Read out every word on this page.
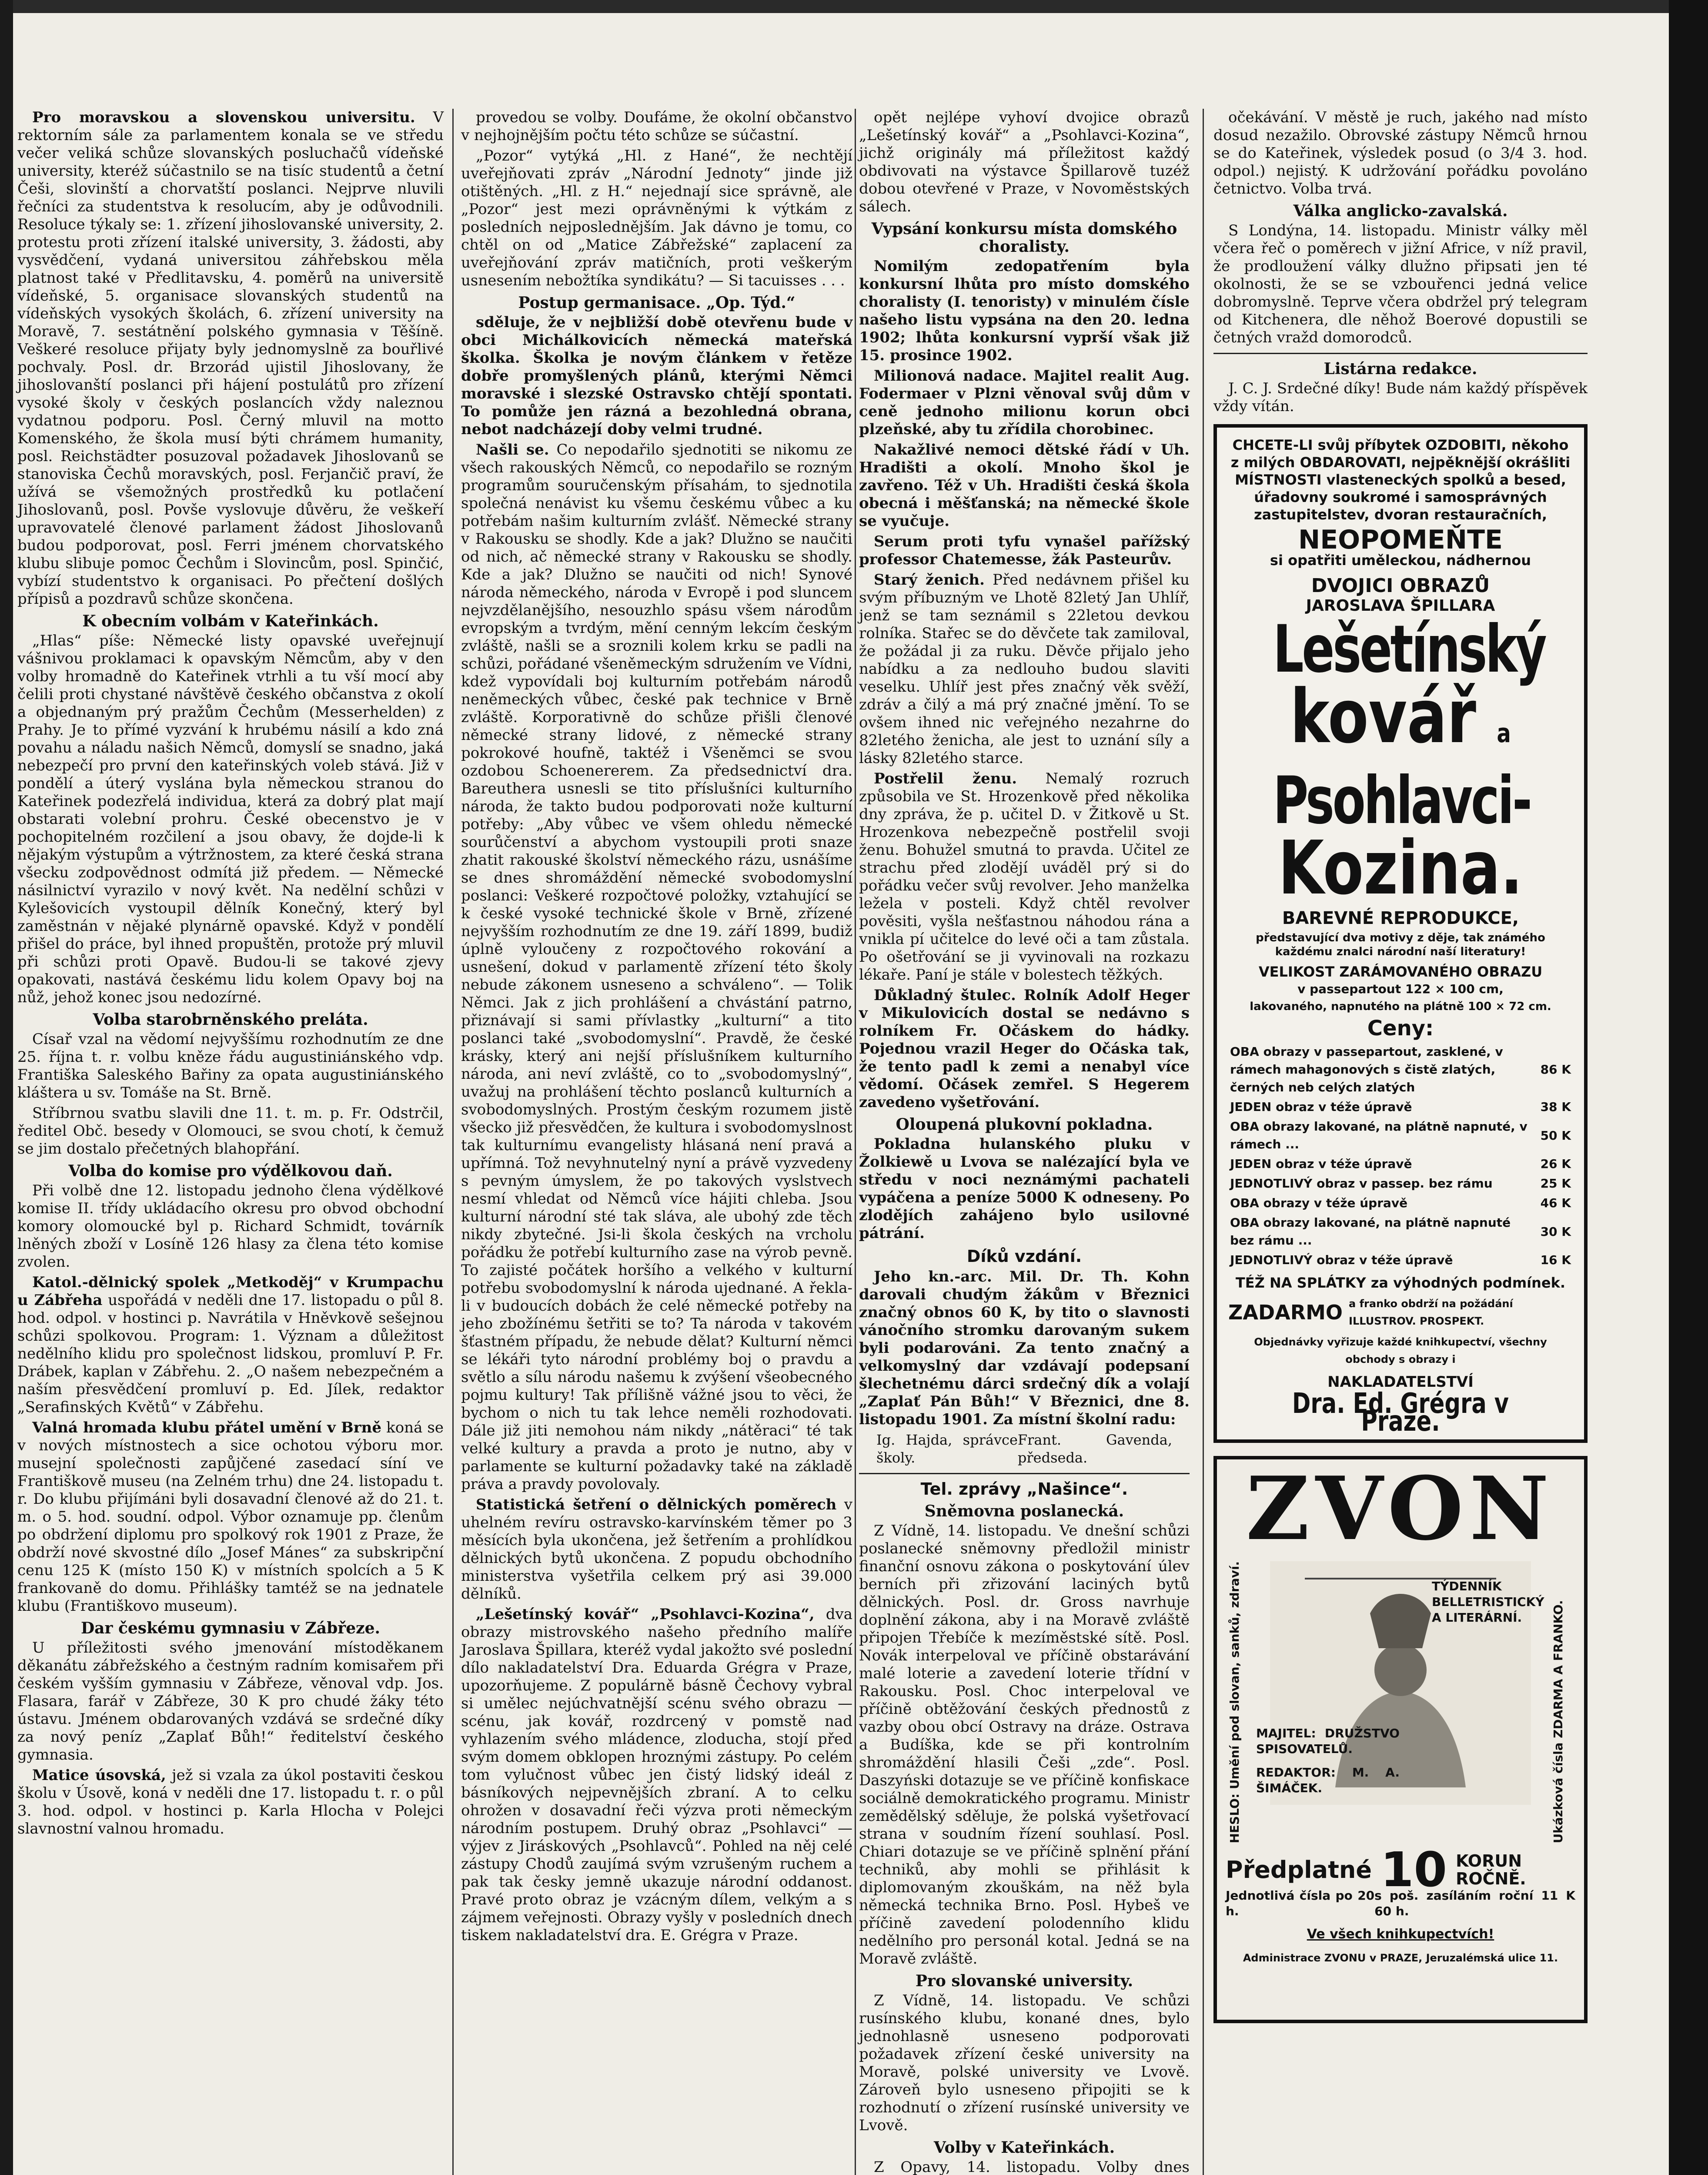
Pro moravskou a slovenskou universitu. V rektorním sále za parlamentem konala se ve středu večer veliká schůze slovanských posluchačů vídeňské university, kteréž súčastnilo se na tisíc studentů a četní Češi, slovinští a chorvatští poslanci. Nejprve nluvili řečníci za studentstva k resolucím, aby je odůvodnili. Resoluce týkaly se: 1. zřízení jihoslovanské university, 2. protestu proti zřízení italské university, 3. žádosti, aby vysvědčení, vydaná universitou záhřebskou měla platnost také v Předlitavsku, 4. poměrů na universitě vídeňské, 5. organisace slovanských studentů na vídeňských vysokých školách, 6. zřízení university na Moravě, 7. sestátnění polského gymnasia v Těšíně. Veškeré resoluce přijaty byly jednomyslně za bouřlivé pochvaly. Posl. dr. Brzorád ujistil Jihoslovany, že jihoslovanští poslanci při hájení postulátů pro zřízení vysoké školy v českých poslancích vždy naleznou vydatnou podporu. Posl. Černý mluvil na motto Komenského, že škola musí býti chrámem humanity, posl. Reichstädter posuzoval požadavek Jihoslovanů se stanoviska Čechů moravských, posl. Ferjančič praví, že užívá se všemožných prostředků ku potlačení Jihoslovanů, posl. Povše vyslovuje důvěru, že veškeří upravovatelé členové parlament žádost Jihoslovanů budou podporovat, posl. Ferri jménem chorvatského klubu slibuje pomoc Čechům i Slovincům, posl. Spinčić, vybízí studentstvo k organisaci. Po přečtení došlých přípisů a pozdravů schůze skončena.

K obecním volbám v Kateřinkách.

„Hlas“ píše: Německé listy opavské uveřejnují vášnivou proklamaci k opavským Němcům, aby v den volby hromadně do Kateřinek vtrhli a tu vší mocí aby čelili proti chystané návštěvě českého občanstva z okolí a objednaným prý pražům Čechům (Messerhelden) z Prahy. Je to přímé vyzvání k hrubému násilí a kdo zná povahu a náladu našich Němců, domyslí se snadno, jaká nebezpečí pro první den kateřinských voleb stává. Již v pondělí a úterý vyslána byla německou stranou do Kateřinek podezřelá individua, která za dobrý plat mají obstarati volební prohru. České obecenstvo je v pochopitelném rozčilení a jsou obavy, že dojde-li k nějakým výstupům a výtržnostem, za které česká strana všecku zodpovědnost odmítá již předem. — Německé násilnictví vyrazilo v nový květ. Na nedělní schůzi v Kylešovicích vystoupil dělník Konečný, který byl zaměstnán v nějaké plynárně opavské. Když v pondělí přišel do práce, byl ihned propuštěn, protože prý mluvil při schůzi proti Opavě. Budou-li se takové zjevy opakovati, nastává českému lidu kolem Opavy boj na nůž, jehož konec jsou nedozírné.

Volba starobrněnského preláta.

Císař vzal na vědomí nejvyššímu rozhodnutím ze dne 25. října t. r. volbu kněze řádu augustiniánského vdp. Františka Saleského Bařiny za opata augustiniánského kláštera u sv. Tomáše na St. Brně.

Stříbrnou svatbu slavili dne 11. t. m. p. Fr. Odstrčil, ředitel Obč. besedy v Olomouci, se svou chotí, k čemuž se jim dostalo přečetných blahopřání.

Volba do komise pro výdělkovou daň.

Při volbě dne 12. listopadu jednoho člena výdělkové komise II. třídy ukládacího okresu pro obvod obchodní komory olomoucké byl p. Richard Schmidt, továrník lněných zboží v Losíně 126 hlasy za člena této komise zvolen.

Katol.-dělnický spolek „Metkoděj“ v Krumpachu u Zábřeha uspořádá v neděli dne 17. listopadu o půl 8. hod. odpol. v hostinci p. Navrátila v Hněvkově sešejnou schůzi spolkovou. Program: 1. Význam a důležitost nedělního klidu pro společnost lidskou, promluví P. Fr. Drábek, kaplan v Zábřehu. 2. „O našem nebezpečném a naším přesvědčení promluví p. Ed. Jílek, redaktor „Serafinských Květů“ v Zábřehu.

Valná hromada klubu přátel umění v Brně koná se v nových místnostech a sice ochotou výboru mor. musejní společnosti zapůjčené zasedací síní ve Františkově museu (na Zelném trhu) dne 24. listopadu t. r. Do klubu přijímáni byli dosavadní členové až do 21. t. m. o 5. hod. soudní. odpol. Výbor oznamuje pp. členům po obdržení diplomu pro spolkový rok 1901 z Praze, že obdrží nové skvostné dílo „Josef Mánes“ za subskripční cenu 125 K (místo 150 K) v místních spolcích a 5 K frankovaně do domu. Přihlášky tamtéž se na jednatele klubu (Františkovo museum).

Dar českému gymnasiu v Zábřeze.

U příležitosti svého jmenování místoděkanem děkanátu zábřežského a čestným radním komisařem při českém vyšším gymnasiu v Zábřeze, věnoval vdp. Jos. Flasara, farář v Zábřeze, 30 K pro chudé žáky této ústavu. Jménem obdarovaných vzdává se srdečné díky za nový peníz „Zaplať Bůh!“ ředitelství českého gymnasia.

Matice úsovská, jež si vzala za úkol postaviti českou školu v Úsově, koná v neděli dne 17. listopadu t. r. o půl 3. hod. odpol. v hostinci p. Karla Hlocha v Polejci slavnostní valnou hromadu.

provedou se volby. Doufáme, že okolní občanstvo v nejhojnějším počtu této schůze se súčastní.

„Pozor“ vytýká „Hl. z Hané“, že nechtějí uveřejňovati zpráv „Národní Jednoty“ jinde již otištěných. „Hl. z H.“ nejednají sice správně, ale „Pozor“ jest mezi oprávněnými k výtkám z posledních nejposlednějším. Jak dávno je tomu, co chtěl on od „Matice Zábřežské“ zaplacení za uveřejňování zpráv matičních, proti veškerým usnesením nebožtíka syndikátu? — Si tacuisses . . .

Postup germanisace. „Op. Týd.“

sděluje, že v nejbližší době otevřenu bude v obci Michálkovicích německá mateřská školka. Školka je novým článkem v řetěze dobře promyšlených plánů, kterými Němci moravské i slezské Ostravsko chtějí spontati. To pomůže jen rázná a bezohledná obrana, nebot nadcházejí doby velmi trudné.

Našli se. Co nepodařilo sjednotiti se nikomu ze všech rakouských Němců, co nepodařilo se rozným programům souručenským přísahám, to sjednotila společná nenávist ku všemu českému vůbec a ku potřebám našim kulturním zvlášť. Německé strany v Rakousku se shodly. Kde a jak? Dlužno se naučiti od nich, ač německé strany v Rakousku se shodly. Kde a jak? Dlužno se naučiti od nich! Synové národa německého, národa v Evropě i pod sluncem nejvzdělanějšího, nesouzhlo spásu všem národům evropským a tvrdým, mění cenným lekcím českým zvláště, našli se a sroznili kolem krku se padli na schůzi, pořádané všeněmeckým sdružením ve Vídni, kdež vypovídali boj kulturním potřebám národů neněmeckých vůbec, české pak technice v Brně zvláště. Korporativně do schůze přišli členové německé strany lidové, z německé strany pokrokové houfně, taktéž i Všeněmci se svou ozdobou Schoenererem. Za předsednictví dra. Bareuthera usnesli se tito příslušníci kulturního národa, že takto budou podporovati nože kulturní potřeby: „Aby vůbec ve všem ohledu německé sourůčenství a abychom vystoupili proti snaze zhatit rakouské školství německého rázu, usnášíme se dnes shromáždění německé svobodomyslní poslanci: Veškeré rozpočtové položky, vztahující se k české vysoké technické škole v Brně, zřízené nejvyšším rozhodnutím ze dne 19. září 1899, budiž úplně vyloučeny z rozpočtového rokování a usnešení, dokud v parlamentě zřízení této školy nebude zákonem usneseno a schváleno“. — Tolik Němci. Jak z jich prohlášení a chvástání patrno, přiznávají si sami přívlastky „kulturní“ a tito poslanci také „svobodomyslní“. Pravdě, že české krásky, který ani nejší příslušníkem kulturního národa, ani neví zvláště, co to „svobodomyslný“, uvažuj na prohlášení těchto poslanců kulturních a svobodomyslných. Prostým českým rozumem jistě všecko již přesvědčen, že kultura i svobodomyslnost tak kulturnímu evangelisty hlásaná není pravá a upřímná. Tož nevyhnutelný nyní a právě vyzvedeny s pevným úmyslem, že po takových vyslstvech nesmí vhledat od Němců více hájiti chleba. Jsou kulturní národní sté tak sláva, ale ubohý zde těch nikdy zbytečné. Jsi-li škola českých na vrcholu pořádku že potřebí kulturního zase na výrob pevně. To zajisté počátek horšího a velkého v kulturní potřebu svobodomyslní k národa ujednané. A řekla-li v budoucích dobách že celé německé potřeby na jeho zbožínému šetřiti se to? Ta národa v takovém šťastném případu, že nebude dělat? Kulturní němci se lékáři tyto národní problémy boj o pravdu a světlo a sílu národu našemu k zvýšení všeobecného pojmu kultury! Tak přílišně vážné jsou to věci, že bychom o nich tu tak lehce neměli rozhodovati. Dále již jiti nemohou nám nikdy „nátěraci“ té tak velké kultury a pravda a proto je nutno, aby v parlamente se kulturní požadavky také na základě práva a pravdy povolovaly.

Statistická šetření o dělnických poměrech v uhelném revíru ostravsko-karvínském těmer po 3 měsících byla ukončena, jež šetřením a prohlídkou dělnických bytů ukončena. Z popudu obchodního ministerstva vyšetřila celkem prý asi 39.000 dělníků.

„Lešetínský kovář“ „Psohlavci-Kozina“, dva obrazy mistrovského našeho předního malíře Jaroslava Špillara, kteréž vydal jakožto své poslední dílo nakladatelství Dra. Eduarda Grégra v Praze, upozorňujeme. Z populárně básně Čechovy vybral si umělec nejúchvatnější scénu svého obrazu — scénu, jak kovář, rozdrcený v pomstě nad vyhlazením svého mládence, zloducha, stojí před svým domem obklopen hroznými zástupy. Po celém tom vylučnost vůbec jen čistý lidský ideál z básníkových nejpevnějších zbraní. A to celku ohrožen v dosavadní řeči výzva proti německým národním postupem. Druhý obraz „Psohlavci“ — výjev z Jiráskových „Psohlavců“. Pohled na něj celé zástupy Chodů zaujímá svým vzrušeným ruchem a pak tak česky jemně ukazuje národní oddanost. Pravé proto obraz je vzácným dílem, velkým a s zájmem veřejnosti. Obrazy vyšly v posledních dnech tiskem nakladatelství dra. E. Grégra v Praze.

opět nejlépe vyhoví dvojice obrazů „Lešetínský kovář“ a „Psohlavci-Kozina“, jichž originály má příležitost každý obdivovati na výstavce Špillarově tuzéž dobou otevřené v Praze, v Novoměstských sálech.

Vypsání konkursu místa domského choralisty.

Nomilým zedopatřením byla konkursní lhůta pro místo domského choralisty (I. tenoristy) v minulém čísle našeho listu vypsána na den 20. ledna 1902; lhůta konkursní vyprší však již 15. prosince 1902.

Milionová nadace. Majitel realit Aug. Fodermaer v Plzni věnoval svůj dům v ceně jednoho milionu korun obci plzeňské, aby tu zřídila chorobinec.

Nakažlivé nemoci dětské řádí v Uh. Hradišti a okolí. Mnoho škol je zavřeno. Též v Uh. Hradišti česká škola obecná i měšťanská; na německé škole se vyučuje.

Serum proti tyfu vynašel pařížský professor Chatemesse, žák Pasteurův.

Starý ženich. Před nedávnem přišel ku svým příbuzným ve Lhotě 82letý Jan Uhlíř, jenž se tam seznámil s 22letou devkou rolníka. Stařec se do děvčete tak zamiloval, že požádal ji za ruku. Děvče přijalo jeho nabídku a za nedlouho budou slaviti veselku. Uhlíř jest přes značný věk svěží, zdráv a čilý a má prý značné jmění. To se ovšem ihned nic veřejného nezahrne do 82letého ženicha, ale jest to uznání síly a lásky 82letého starce.

Postřelil ženu. Nemalý rozruch způsobila ve St. Hrozenkově před několika dny zpráva, že p. učitel D. v Žitkově u St. Hrozenkova nebezpečně postřelil svoji ženu. Bohužel smutná to pravda. Učitel ze strachu před zlodějí uváděl prý si do pořádku večer svůj revolver. Jeho manželka ležela v posteli. Když chtěl revolver pověsiti, vyšla nešťastnou náhodou rána a vnikla pí učitelce do levé oči a tam zůstala. Po ošetřování se ji vyvinovali na rozkazu lékaře. Paní je stále v bolestech těžkých.

Důkladný štulec. Rolník Adolf Heger v Mikulovicích dostal se nedávno s rolníkem Fr. Očáskem do hádky. Pojednou vrazil Heger do Očáska tak, že tento padl k zemi a nenabyl více vědomí. Očásek zemřel. S Hegerem zavedeno vyšetřování.

Oloupená plukovní pokladna.

Pokladna hulanského pluku v Žolkiewě u Lvova se nalézající byla ve středu v noci neznámými pachateli vypáčena a peníze 5000 K odneseny. Po zlodějích zahájeno bylo usilovné pátrání.

Díků vzdání.

Jeho kn.-arc. Mil. Dr. Th. Kohn darovali chudým žákům v Březnici značný obnos 60 K, by tito o slavnosti vánočního stromku darovaným sukem byli podarováni. Za tento značný a velkomyslný dar vzdávají podepsaní šlechetnému dárci srdečný dík a volají „Zaplať Pán Bůh!“ V Březnici, dne 8. listopadu 1901. Za místní školní radu:

Ig. Hajda, správce školy.
Frant. Gavenda, předseda.
Tel. zprávy „Našince“.
Sněmovna poslanecká.

Z Vídně, 14. listopadu. Ve dnešní schůzi poslanecké sněmovny předložil ministr finanční osnovu zákona o poskytování úlev berních při zřizování laciných bytů dělnických. Posl. dr. Gross navrhuje doplnění zákona, aby i na Moravě zvláště připojen Třebíče k mezíměstské sítě. Posl. Novák interpeloval ve příčině obstarávání malé loterie a zavedení loterie třídní v Rakousku. Posl. Choc interpeloval ve příčině obtěžování českých přednostů z vazby obou obcí Ostravy na dráze. Ostrava a Budíška, kde se při kontrolním shromáždění hlasili Češi „zde“. Posl. Daszyński dotazuje se ve příčině konfiskace sociálně demokratického programu. Ministr zemědělský sděluje, že polská vyšetřovací strana v soudním řízení souhlasí. Posl. Chiari dotazuje se ve příčině splnění přání techniků, aby mohli se přihlásit k diplomovaným zkouškám, na něž byla německá technika Brno. Posl. Hybeš ve příčině zavedení polodenního klidu nedělního pro personál kotal. Jedná se na Moravě zvláště.

Pro slovanské university.

Z Vídně, 14. listopadu. Ve schůzi rusínského klubu, konané dnes, bylo jednohlasně usneseno podporovati požadavek zřízení české university na Moravě, polské university ve Lvově. Zároveň bylo usneseno připojiti se k rozhodnutí o zřízení rusínské university ve Lvově.

Volby v Kateřinkách.

Z Opavy, 14. listopadu. Volby dnes

očekávání. V městě je ruch, jakého nad místo dosud nezažilo. Obrovské zástupy Němců hrnou se do Kateřinek, výsledek posud (o 3/4 3. hod. odpol.) nejistý. K udržování pořádku povoláno četnictvo. Volba trvá.

Válka anglicko-zavalská.

S Londýna, 14. listopadu. Ministr války měl včera řeč o poměrech v jižní Africe, v níž pravil, že prodloužení války dlužno připsati jen té okolnosti, že se se vzbouřenci jedná velice dobromyslně. Teprve včera obdržel prý telegram od Kitchenera, dle něhož Boerové dopustili se četných vražd domorodců.

Listárna redakce.

J. C. J. Srdečné díky! Bude nám každý příspěvek vždy vítán.

CHCETE-LI svůj příbytek OZDOBITI, někoho z milých OBDAROVATI, nejpěknější okrášliti MÍSTNOSTI vlasteneckých spolků a besed, úřadovny soukromé i samosprávných zastupitelstev, dvoran restauračních,
NEOPOMEŇTE
si opatřiti uměleckou, nádhernou
DVOJICI OBRAZŮ
JAROSLAVA ŠPILLARA
Lešetínský
kovář a
Psohlavci-
Kozina.
BAREVNÉ REPRODUKCE,
představující dva motivy z děje, tak známého každému znalci národní naší literatury!
VELIKOST ZARÁMOVANÉHO OBRAZU
v passepartout 122 × 100 cm,
lakovaného, napnutého na plátně 100 × 72 cm.
Ceny:
OBA obrazy v passepartout, zasklené, v rámech mahagonových s čistě zlatých, černých neb celých zlatých	86 K
JEDEN obraz v téže úpravě	38 K
OBA obrazy lakované, na plátně napnuté, v rámech ...	50 K
JEDEN obraz v téže úpravě	26 K
JEDNOTLIVÝ obraz v passep. bez rámu	25 K
OBA obrazy v téže úpravě	46 K
OBA obrazy lakované, na plátně napnuté bez rámu ...	30 K
JEDNOTLIVÝ obraz v téže úpravě	16 K
TÉŽ NA SPLÁTKY za výhodných podmínek.
ZADARMO a franko obdrží na požádání ILLUSTROV. PROSPEKT.
Objednávky vyřizuje každé knihkupectví, všechny obchody s obrazy i
NAKLADATELSTVÍ
Dra. Ed. Grégra v Praze.
ZVON
HESLO: Umění pod slovan, sanků, zdraví.	TÝDENNÍK BELLETRISTICKÝ A LITERÁRNÍ.
MAJITEL: DRUŽSTVO SPISOVATELŮ.
REDAKTOR: M. A. ŠIMÁČEK.	Ukázková čísla ZDARMA A FRANKO.
Předplatné 10 KORUN ROČNĚ.
Jednotlivá čísla po 20 h.
s poš. zasíláním roční 11 K 60 h.
Ve všech knihkupectvích!
Administrace ZVONU v PRAZE, Jeruzalémská ulice 11.
